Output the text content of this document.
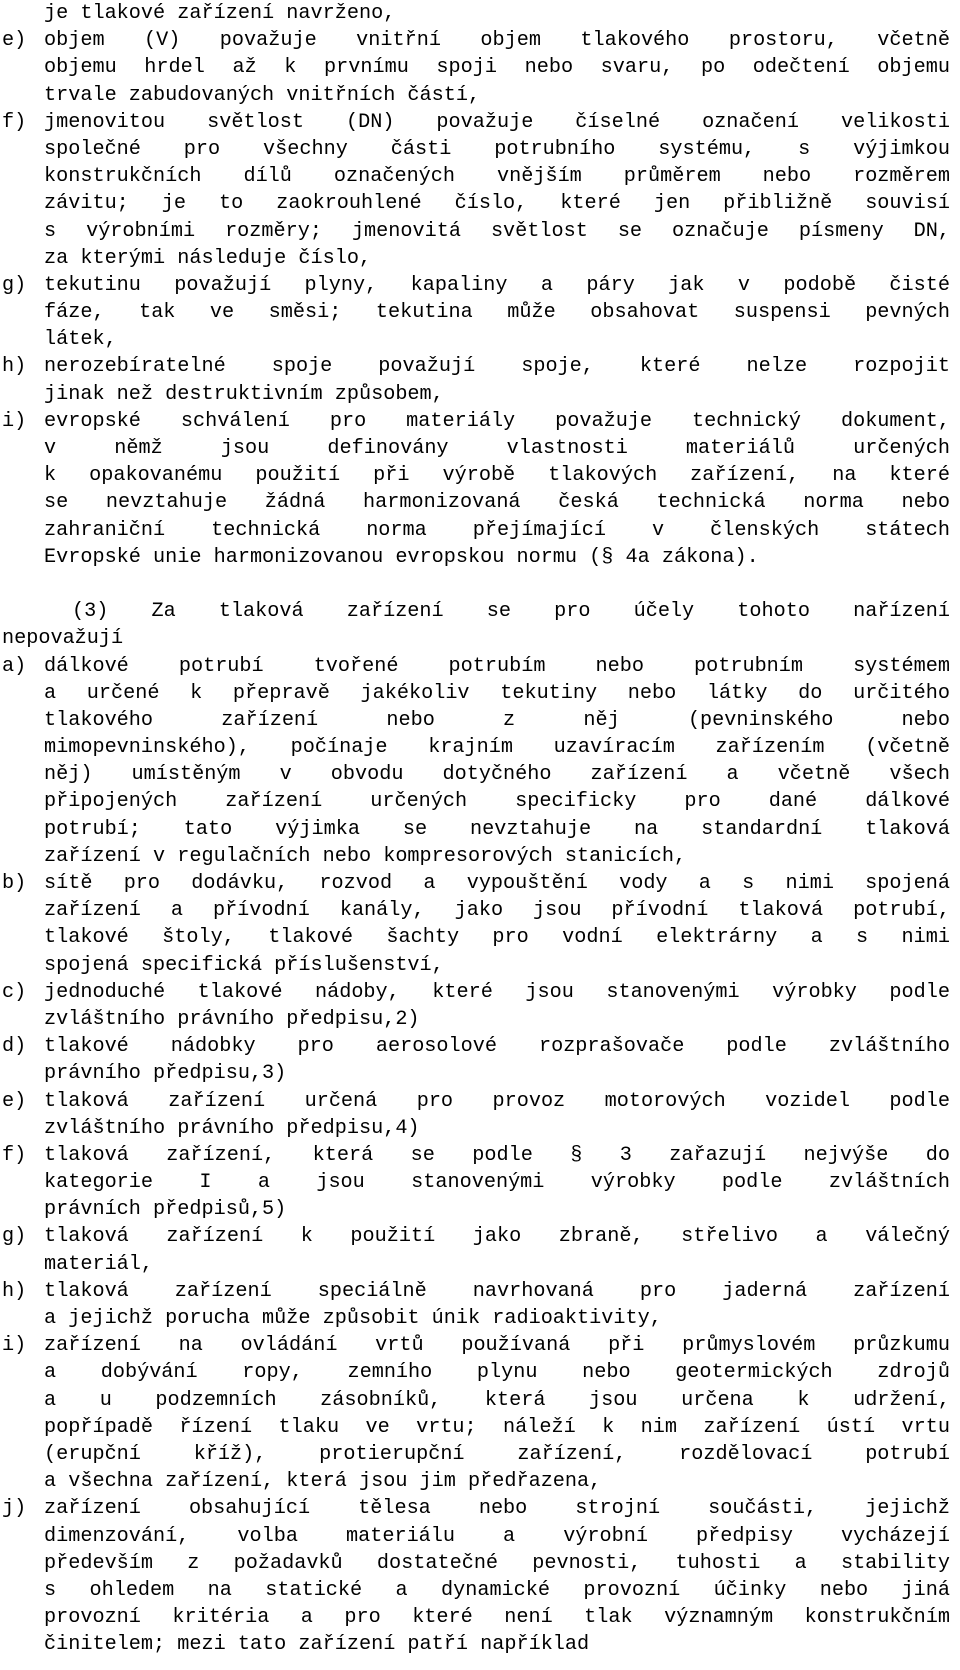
je tlakové zařízení navrženo,
e) objem (V) považuje vnitřní objem tlakového prostoru, včetně
objemu hrdel až k prvnímu spoji nebo svaru, po odečtení objemu
trvale zabudovaných vnitřních částí,
f) jmenovitou světlost (DN) považuje číselné označení velikosti
společné pro všechny části potrubního systému, s výjimkou
konstrukčních dílů označených vnějším průměrem nebo rozměrem
závitu; je to zaokrouhlené číslo, které jen přibližně souvisí
s výrobními rozměry; jmenovitá světlost se označuje písmeny DN,
za kterými následuje číslo,
g) tekutinu považují plyny, kapaliny a páry jak v podobě čisté
fáze, tak ve směsi; tekutina může obsahovat suspensi pevných
látek,
h) nerozebíratelné spoje považují spoje, které nelze rozpojit
jinak než destruktivním způsobem,
i) evropské schválení pro materiály považuje technický dokument,
v němž jsou definovány vlastnosti materiálů určených
k opakovanému použití při výrobě tlakových zařízení, na které
se nevztahuje žádná harmonizovaná česká technická norma nebo
zahraniční technická norma přejímající v členských státech
Evropské unie harmonizovanou evropskou normu (§ 4a zákona).
(3) Za tlaková zařízení se pro účely tohoto nařízení
nepovažují
a) dálkové potrubí tvořené potrubím nebo potrubním systémem
a určené k přepravě jakékoliv tekutiny nebo látky do určitého
tlakového zařízení nebo z něj (pevninského nebo
mimopevninského), počínaje krajním uzavíracím zařízením (včetně
něj) umístěným v obvodu dotyčného zařízení a včetně všech
připojených zařízení určených specificky pro dané dálkové
potrubí; tato výjimka se nevztahuje na standardní tlaková
zařízení v regulačních nebo kompresorových stanicích,
b) sítě pro dodávku, rozvod a vypouštění vody a s nimi spojená
zařízení a přívodní kanály, jako jsou přívodní tlaková potrubí,
tlakové štoly, tlakové šachty pro vodní elektrárny a s nimi
spojená specifická příslušenství,
c) jednoduché tlakové nádoby, které jsou stanovenými výrobky podle
zvláštního právního předpisu,2)
d) tlakové nádobky pro aerosolové rozprašovače podle zvláštního
právního předpisu,3)
e) tlaková zařízení určená pro provoz motorových vozidel podle
zvláštního právního předpisu,4)
f) tlaková zařízení, která se podle § 3 zařazují nejvýše do
kategorie I a jsou stanovenými výrobky podle zvláštních
právních předpisů,5)
g) tlaková zařízení k použití jako zbraně, střelivo a válečný
materiál,
h) tlaková zařízení speciálně navrhovaná pro jaderná zařízení
a jejichž porucha může způsobit únik radioaktivity,
i) zařízení na ovládání vrtů používaná při průmyslovém průzkumu
a dobývání ropy, zemního plynu nebo geotermických zdrojů
a u podzemních zásobníků, která jsou určena k udržení,
popřípadě řízení tlaku ve vrtu; náleží k nim zařízení ústí vrtu
(erupční kříž), protierupční zařízení, rozdělovací potrubí
a všechna zařízení, která jsou jim předřazena,
j) zařízení obsahující tělesa nebo strojní součásti, jejichž
dimenzování, volba materiálu a výrobní předpisy vycházejí
především z požadavků dostatečné pevnosti, tuhosti a stability
s ohledem na statické a dynamické provozní účinky nebo jiná
provozní kritéria a pro které není tlak významným konstrukčním
činitelem; mezi tato zařízení patří například
